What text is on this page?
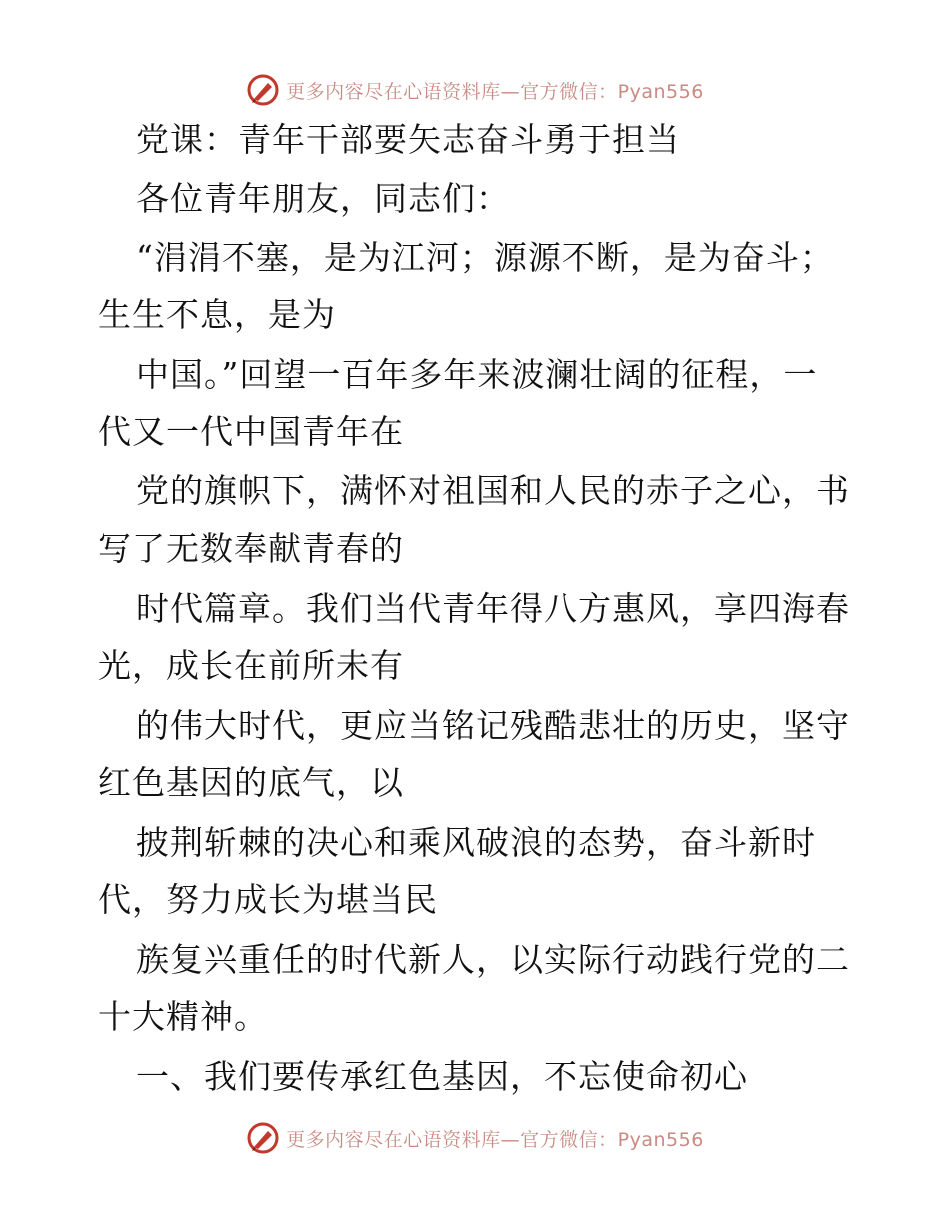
更多内容尽在心语资料库—官方微信：Pyan556
党课：青年干部要矢志奋斗勇于担当
各位青年朋友，同志们：
“涓涓不塞，是为江河；源源不断，是为奋斗；
生生不息，是为
中国。”回望一百年多年来波澜壮阔的征程，一
代又一代中国青年在
党的旗帜下，满怀对祖国和人民的赤子之心，书
写了无数奉献青春的
时代篇章。我们当代青年得八方惠风，享四海春
光，成长在前所未有
的伟大时代，更应当铭记残酷悲壮的历史，坚守
红色基因的底气，以
披荆斩棘的决心和乘风破浪的态势，奋斗新时
代，努力成长为堪当民
族复兴重任的时代新人，以实际行动践行党的二
十大精神。
一、我们要传承红色基因，不忘使命初心
更多内容尽在心语资料库—官方微信：Pyan556
